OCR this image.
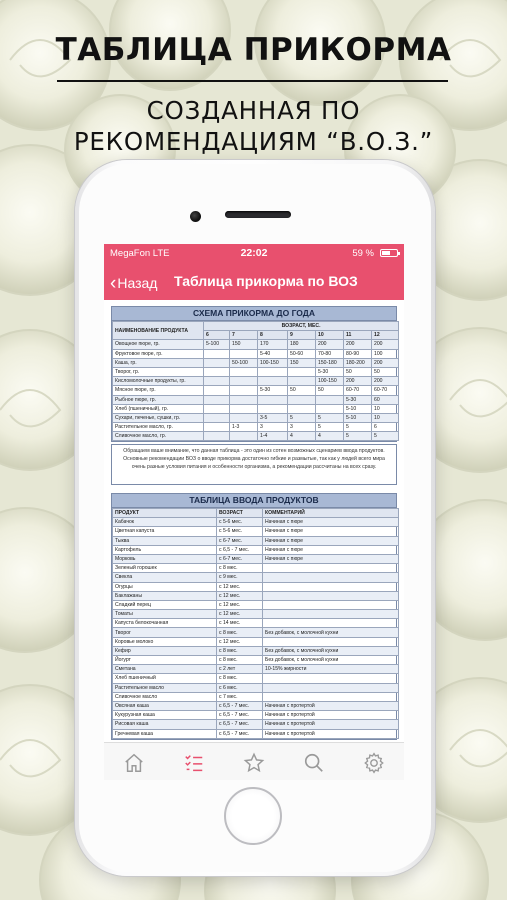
ТАБЛИЦА ПРИКОРМА
СОЗДАННАЯ ПО
РЕКОМЕНДАЦИЯМ “В.О.З.”
MegaFon LTE	22:02	59 %
‹Назад Таблица прикорма по ВОЗ
СХЕМА ПРИКОРМА ДО ГОДА
НАИМЕНОВАНИЕ ПРОДУКТА	ВОЗРАСТ, МЕС.						
	6	7	8	9	10	11	12
Овощное пюре, гр.	5-100	150	170	180	200	200	200
Фруктовое пюре, гр.			5-40	50-60	70-80	80-90	100
Каша, гр.		50-100	100-150	150	150-180	180-200	200
Творог, гр.					5-30	50	50
Кисломолочные продукты, гр.					100-150	200	200
Мясное пюре, гр.			5-30	50	50	60-70	60-70
Рыбное пюре, гр.						5-30	60
Хлеб (пшеничный), гр.						5-10	10
Сухари, печенье, сушки, гр.			3-5	5	5	5-10	10
Растительное масло, гр.		1-3	3	3	5	5	6
Сливочное масло, гр.			1-4	4	4	5	5
Обращаем ваше внимание, что данная таблица - это один из сотен возможных сценариев ввода продуктов. Основные рекомендации ВОЗ о вводе прикорма достаточно гибкие и размытые, так как у людей всего мира очень разные условия питания и особенности организма, а рекомендации рассчитаны на всех сразу.
ТАБЛИЦА ВВОДА ПРОДУКТОВ
ПРОДУКТ	ВОЗРАСТ	КОММЕНТАРИЙ
Кабачок	с 5-6 мес.	Начиная с пюре
Цветная капуста	с 5-6 мес.	Начиная с пюре
Тыква	с 6-7 мес.	Начиная с пюре
Картофель	с 6,5 - 7 мес.	Начиная с пюре
Морковь	с 6-7 мес.	Начиная с пюре
Зеленый горошек	с 8 мес.	
Свекла	с 9 мес.	
Огурцы	с 12 мес.	
Баклажаны	с 12 мес.	
Сладкий перец	с 12 мес.	
Томаты	с 12 мес.	
Капуста белокочанная	с 14 мес.	
Творог	с 8 мес.	Без добавок, с молочной кухни
Коровье молоко	с 12 мес.	
Кефир	с 8 мес.	Без добавок, с молочной кухни
Йогурт	с 8 мес.	Без добавок, с молочной кухни
Сметана	с 2 лет	10-15% жирности
Хлеб пшеничный	с 8 мес.	
Растительное масло	с 6 мес.	
Сливочное масло	с 7 мес.	
Овсяная каша	с 6,5 - 7 мес.	Начиная с протертой
Кукурузная каша	с 6,5 - 7 мес.	Начиная с протертой
Рисовая каша	с 6,5 - 7 мес.	Начиная с протертой
Гречневая каша	с 6,5 - 7 мес.	Начиная с протертой
